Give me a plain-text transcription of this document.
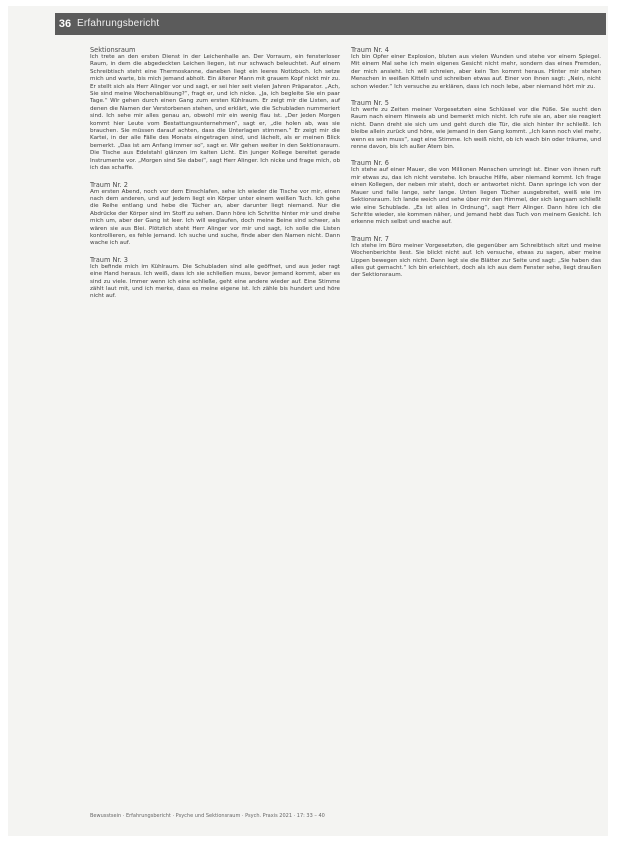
36 Erfahrungsbericht
Sektionsraum

Ich trete an den ersten Dienst in der Leichenhalle an. Der Vorraum, ein fensterloser Raum, in dem die abgedeckten Leichen liegen, ist nur schwach beleuchtet. Auf einem Schreibtisch steht eine Thermoskanne, daneben liegt ein leeres Notizbuch. Ich setze mich und warte, bis mich jemand abholt. Ein älterer Mann mit grauem Kopf nickt mir zu. Er stellt sich als Herr Alinger vor und sagt, er sei hier seit vielen Jahren Präparator. „Ach, Sie sind meine Wochenablösung?“, fragt er, und ich nicke. „Ja, ich begleite Sie ein paar Tage.“ Wir gehen durch einen Gang zum ersten Kühlraum. Er zeigt mir die Listen, auf denen die Namen der Verstorbenen stehen, und erklärt, wie die Schubladen nummeriert sind. Ich sehe mir alles genau an, obwohl mir ein wenig flau ist. „Der jeden Morgen kommt hier Leute vom Bestattungsunternehmen“, sagt er, „die holen ab, was sie brauchen. Sie müssen darauf achten, dass die Unterlagen stimmen.“ Er zeigt mir die Kartei, in der alle Fälle des Monats eingetragen sind, und lächelt, als er meinen Blick bemerkt. „Das ist am Anfang immer so“, sagt er. Wir gehen weiter in den Sektionsraum. Die Tische aus Edelstahl glänzen im kalten Licht. Ein junger Kollege bereitet gerade Instrumente vor. „Morgen sind Sie dabei“, sagt Herr Alinger. Ich nicke und frage mich, ob ich das schaffe.

Traum Nr. 2

Am ersten Abend, noch vor dem Einschlafen, sehe ich wieder die Tische vor mir, einen nach dem anderen, und auf jedem liegt ein Körper unter einem weißen Tuch. Ich gehe die Reihe entlang und hebe die Tücher an, aber darunter liegt niemand. Nur die Abdrücke der Körper sind im Stoff zu sehen. Dann höre ich Schritte hinter mir und drehe mich um, aber der Gang ist leer. Ich will weglaufen, doch meine Beine sind schwer, als wären sie aus Blei. Plötzlich steht Herr Alinger vor mir und sagt, ich solle die Listen kontrollieren, es fehle jemand. Ich suche und suche, finde aber den Namen nicht. Dann wache ich auf.

Traum Nr. 3

Ich befinde mich im Kühlraum. Die Schubladen sind alle geöffnet, und aus jeder ragt eine Hand heraus. Ich weiß, dass ich sie schließen muss, bevor jemand kommt, aber es sind zu viele. Immer wenn ich eine schließe, geht eine andere wieder auf. Eine Stimme zählt laut mit, und ich merke, dass es meine eigene ist. Ich zähle bis hundert und höre nicht auf.

Traum Nr. 4

Ich bin Opfer einer Explosion, bluten aus vielen Wunden und stehe vor einem Spiegel. Mit einem Mal sehe ich mein eigenes Gesicht nicht mehr, sondern das eines Fremden, der mich ansieht. Ich will schreien, aber kein Ton kommt heraus. Hinter mir stehen Menschen in weißen Kitteln und schreiben etwas auf. Einer von ihnen sagt: „Nein, nicht schon wieder.“ Ich versuche zu erklären, dass ich noch lebe, aber niemand hört mir zu.

Traum Nr. 5

Ich werfe zu Zeiten meiner Vorgesetzten eine Schlüssel vor die Füße. Sie sucht den Raum nach einem Hinweis ab und bemerkt mich nicht. Ich rufe sie an, aber sie reagiert nicht. Dann dreht sie sich um und geht durch die Tür, die sich hinter ihr schließt. Ich bleibe allein zurück und höre, wie jemand in den Gang kommt. „Ich kann noch viel mehr, wenn es sein muss“, sagt eine Stimme. Ich weiß nicht, ob ich wach bin oder träume, und renne davon, bis ich außer Atem bin.

Traum Nr. 6

Ich stehe auf einer Mauer, die von Millionen Menschen umringt ist. Einer von ihnen ruft mir etwas zu, das ich nicht verstehe. Ich brauche Hilfe, aber niemand kommt. Ich frage einen Kollegen, der neben mir steht, doch er antwortet nicht. Dann springe ich von der Mauer und falle lange, sehr lange. Unten liegen Tücher ausgebreitet, weiß wie im Sektionsraum. Ich lande weich und sehe über mir den Himmel, der sich langsam schließt wie eine Schublade. „Es ist alles in Ordnung“, sagt Herr Alinger. Dann höre ich die Schritte wieder, sie kommen näher, und jemand hebt das Tuch von meinem Gesicht. Ich erkenne mich selbst und wache auf.

Traum Nr. 7

Ich stehe im Büro meiner Vorgesetzten, die gegenüber am Schreibtisch sitzt und meine Wochenberichte liest. Sie blickt nicht auf. Ich versuche, etwas zu sagen, aber meine Lippen bewegen sich nicht. Dann legt sie die Blätter zur Seite und sagt: „Sie haben das alles gut gemacht.“ Ich bin erleichtert, doch als ich aus dem Fenster sehe, liegt draußen der Sektionsraum.

Bewusstsein · Erfahrungsbericht · Psyche und Sektionsraum · Psych. Praxis 2021 · 17: 33 – 40
